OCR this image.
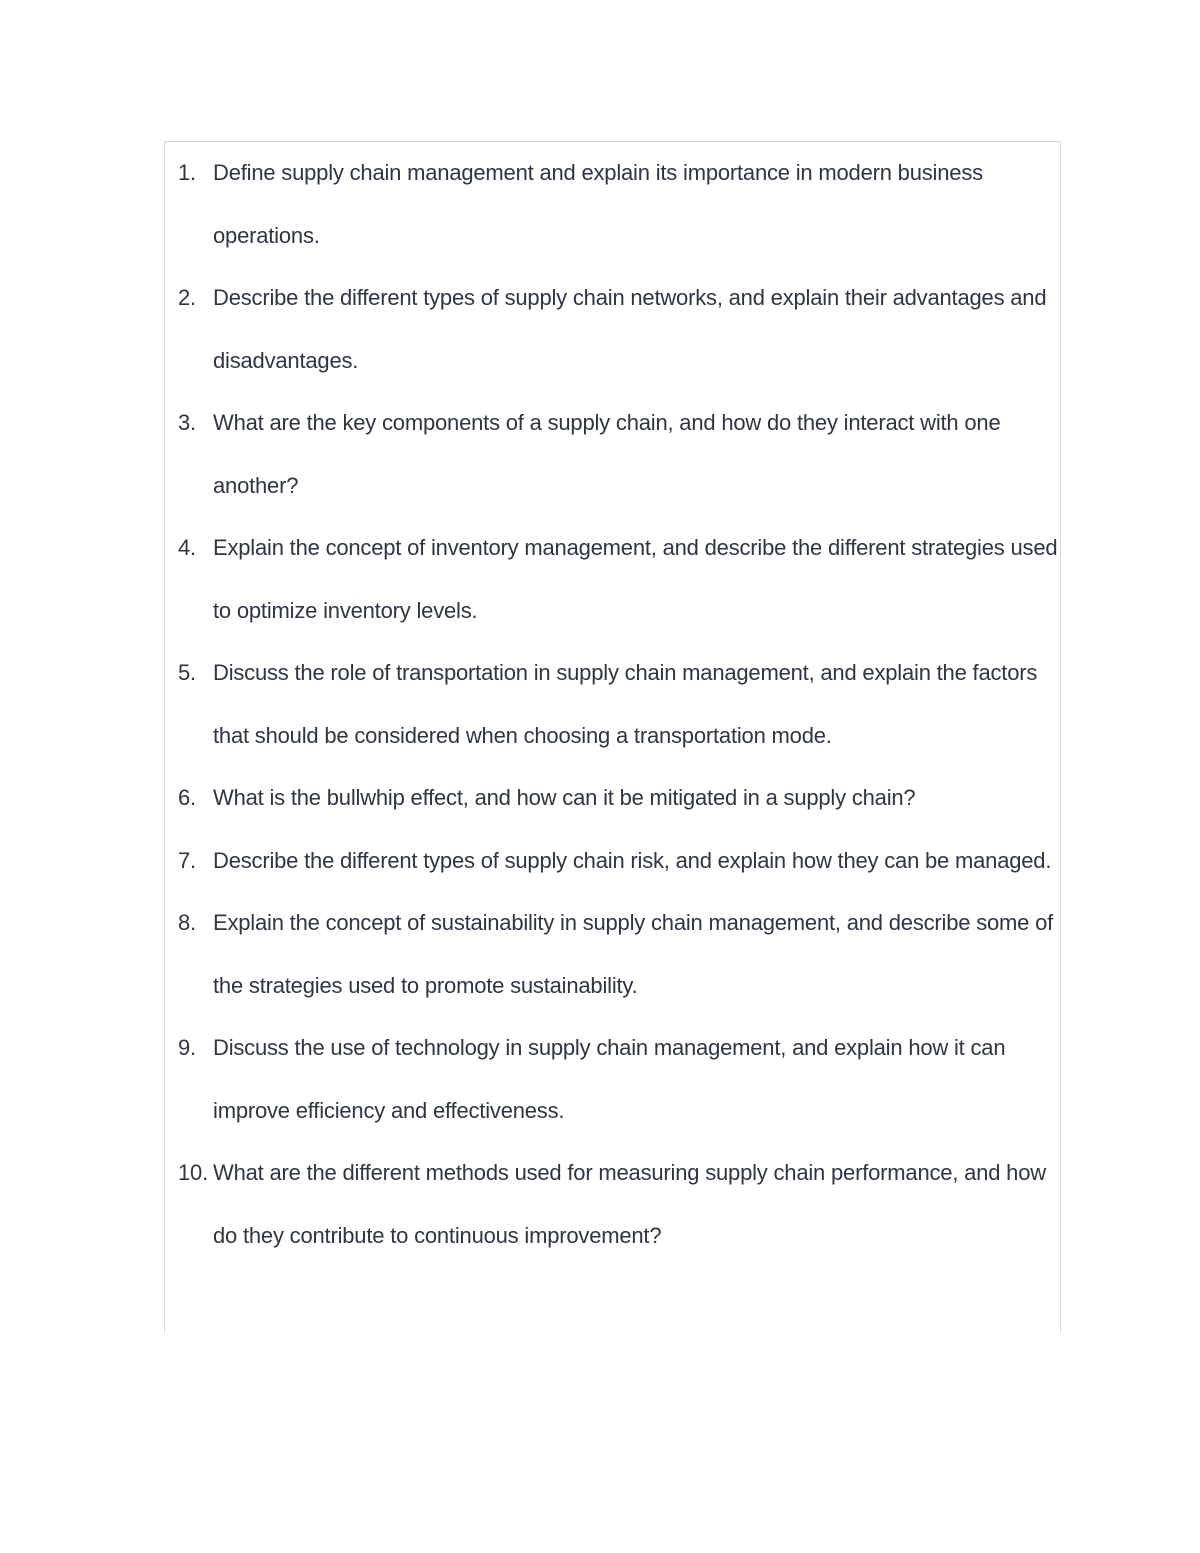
1. Define supply chain management and explain its importance in modern business operations.
2. Describe the different types of supply chain networks, and explain their advantages and disadvantages.
3. What are the key components of a supply chain, and how do they interact with one another?
4. Explain the concept of inventory management, and describe the different strategies used to optimize inventory levels.
5. Discuss the role of transportation in supply chain management, and explain the factors that should be considered when choosing a transportation mode.
6. What is the bullwhip effect, and how can it be mitigated in a supply chain?
7. Describe the different types of supply chain risk, and explain how they can be managed.
8. Explain the concept of sustainability in supply chain management, and describe some of the strategies used to promote sustainability.
9. Discuss the use of technology in supply chain management, and explain how it can improve efficiency and effectiveness.
10. What are the different methods used for measuring supply chain performance, and how do they contribute to continuous improvement?
